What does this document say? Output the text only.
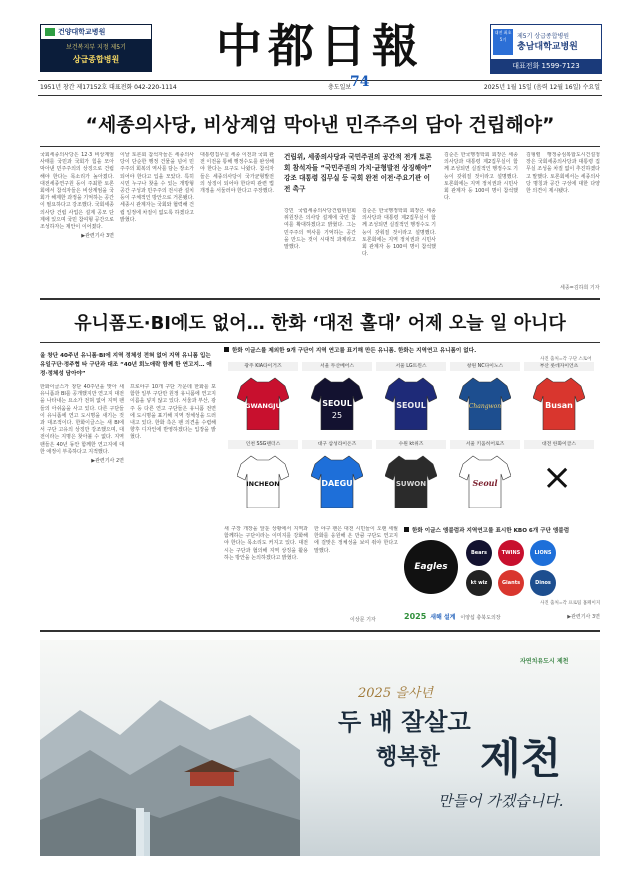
건양대학교병원
보건복지부 지정 제5기
상급종합병원	中都日報	대전 최초 5기	제5기 상급종합병원
충남대학교병원
대표전화 1599-7123
1951년 창간 제17152호 대표전화 042-220-1114	충도일보
74	2025년 1월 15일 (음력 12월 16일) 수요일
“세종의사당, 비상계엄 막아낸 민주주의 담아 건립해야”

국회세종의사당은 12·3 비상계엄 사태를 국민과 국회가 힘을 모아 막아낸 민주주의의 상징으로 건립해야 한다는 목소리가 높아졌다. 대전세종연구원 등이 주최한 토론회에서 참석자들은 비상계엄을 국회가 해제한 과정을 기억하는 공간이 필요하다고 강조했다. 국회세종의사당 건립 사업은 설계 공모 단계에 있으며 국민 참여형 공간으로 조성하자는 제안이 이어졌다.

▶관련기사 3면

이날 토론회 참석자들은 세종의사당이 단순한 행정 건물을 넘어 민주주의 회복의 역사를 담는 장소가 되어야 한다고 입을 모았다. 특히 시민 누구나 찾을 수 있는 개방형 공간 구성과 민주주의 전시관 설치 등이 구체적인 방안으로 거론됐다. 세종시 관계자는 국회와 협력해 건립 일정에 차질이 없도록 하겠다고 밝혔다.
대통령집무실 세종 이전과 국회 완전 이전을 통해 행정수도를 완성해야 한다는 요구도 나왔다. 참석자들은 세종의사당이 국가균형발전의 상징이 되어야 한다며 관련 법 개정을 서둘러야 한다고 주장했다.
건립위, 세종의사당과 국민주권의 공간적 전개 토론회 참석자들 “국민주권의 가치·균형발전 상징해야” 강조 대통령 집무실 등 국회 완전 이전·주요기관 이전 촉구
강민 국립세종의사당건립위원회 위원장은 의사당 설계에 국민 참여를 확대하겠다고 밝혔다. 그는 민주주의 역사를 기억하는 공간을 만드는 것이 시대적 과제라고 말했다.
김순은 한국행정학회 회장은 세종의사당과 대통령 제2집무실이 함께 조성되면 실질적인 행정수도 기능이 갖춰질 것이라고 설명했다. 토론회에는 지역 정치권과 시민사회 관계자 등 100여 명이 참석했다.
김순은 한국행정학회 회장은 세종의사당과 대통령 제2집무실이 함께 조성되면 실질적인 행정수도 기능이 갖춰질 것이라고 설명했다. 토론회에는 지역 정치권과 시민사회 관계자 등 100여 명이 참석했다.
김형렬 행정중심복합도시건설청장은 국회세종의사당과 대통령 집무실 조성을 차질 없이 추진하겠다고 말했다. 토론회에서는 세종의사당 명칭과 공간 구성에 대한 다양한 의견이 제시됐다.
세종=김하희 기자
유니폼도·BI에도 없어… 한화 ‘대전 홀대’ 어제 오늘 일 아니다
올 창단 40주년 유니폼·BI에 지역 정체성 전혀 없어 지역 유니폼 입는 유일구단·정주협 타 구단과 대조 “40년 회노애락 함께 한 연고지… 애정·정체성 담아야”

한화이글스가 창단 40주년을 맞아 새 유니폼과 BI를 공개했지만 연고지 대전을 나타내는 요소가 전혀 없어 지역 팬들의 아쉬움을 사고 있다. 다른 구단들이 유니폼에 연고 도시명을 새기는 것과 대조적이다. 한화이글스는 새 BI에서 구단 고유의 상징만 강조했으며, 대전이라는 지명은 찾아볼 수 없다. 지역 팬들은 40년 동안 함께한 연고지에 대한 애정이 부족하다고 지적했다.

▶관련기사 2면

프로야구 10개 구단 가운데 한화를 포함한 일부 구단만 원정 유니폼에 연고지 이름을 넣지 않고 있다. 서울과 부산, 광주 등 다른 연고 구단들은 유니폼 전면에 도시명을 표기해 지역 정체성을 드러내고 있다. 한화 측은 팬 의견을 수렴해 향후 디자인에 반영하겠다는 입장을 밝혔다.
한화 이글스를 제외한 9개 구단이 지역 연고를 표기해 만든 유니폼. 한화는 지역연고 유니폼이 없다.
사진 출처=각 구단 스토어
광주 KIA타이거즈
GWANGJU
서울 두산베어스
SEOUL
25
서울 LG트윈스
SEOUL
창원 NC다이노스
Changwon
부산 롯데자이언츠
Busan
인천 SSG랜더스
INCHEON
대구 삼성라이온즈
DAEGU
수원 kt위즈
SUWON
서울 키움히어로즈
Seoul
대전 한화이글스
×
새 구장 개장을 앞둔 상황에서 지역과 함께하는 구단이라는 이미지를 강화해야 한다는 목소리도 커지고 있다. 대전시는 구단과 협의해 지역 상징을 활용하는 방안을 논의하겠다고 밝혔다.
한 야구 팬은 대전 시민들이 오랜 세월 한화를 응원해 온 만큼 구단도 연고지에 걸맞은 정체성을 보여 줘야 한다고 말했다.
이상문 기자
한화 이글스 엠블럼과 지역연고를 표시한 KBO 6개 구단 엠블럼
Eagles
Bears	TWINS	LIONS
kt wiz	Giants	Dinos
사진 출처=각 프로팀 홈페이지
2025 새해 설계 이양섭 충북도의장	▶관련기사 3면
자연치유도시 제천
2025 을사년
두 배 잘살고
행복한 제천
만들어 가겠습니다.
